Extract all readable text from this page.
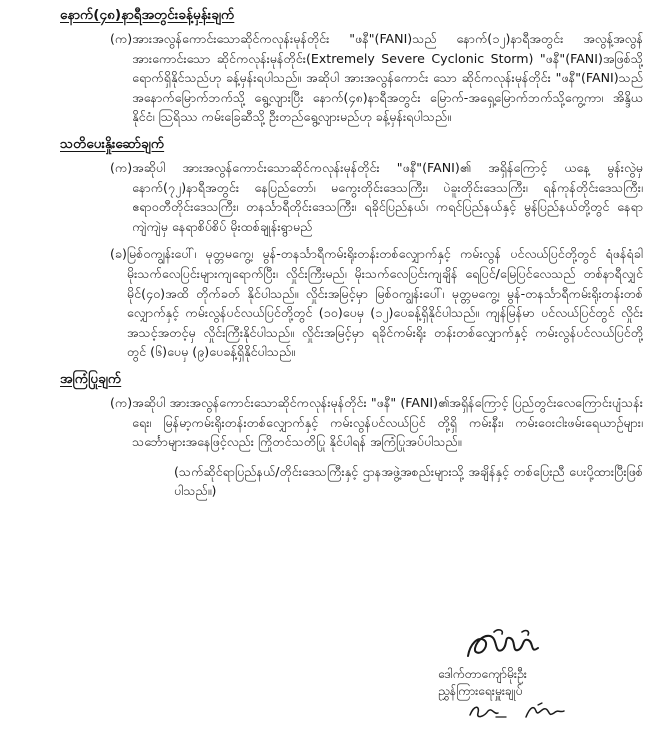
နောက်(၄၈)နာရီအတွင်းခန့်မှန်းချက်
(က) အားအလွန်ကောင်းသောဆိုင်ကလုန်းမုန်တိုင်း "ဖနီ"(FANI)သည် နောက်(၁၂)နာရီအတွင်း အလွန့်အလွန်အားကောင်းသော ဆိုင်ကလုန်းမုန်တိုင်း(Extremely Severe Cyclonic Storm) "ဖနီ"(FANI)အဖြစ်သို့ရောက်ရှိနိုင်သည်ဟု ခန့်မှန်းရပါသည်။ အဆိုပါ အားအလွန်ကောင်း သော ဆိုင်ကလုန်းမုန်တိုင်း "ဖနီ"(FANI)သည် အနောက်မြောက်ဘက်သို့ ရွေ့လျားပြီး နောက်(၄၈)နာရီအတွင်း မြောက်-အရှေ့မြောက်ဘက်သို့ကွေ့ကာ၊ အိန္ဒိယနိုင်ငံ၊ ဩရိဿ ကမ်းခြေဆီသို့ ဦးတည်ရွေ့လျားမည်ဟု ခန့်မှန်းရပါသည်။
သတိပေးနှိုးဆော်ချက်
(က) အဆိုပါ အားအလွန်ကောင်းသောဆိုင်ကလုန်းမုန်တိုင်း "ဖနီ"(FANI)၏ အရှိန်ကြောင့် ယနေ့ မွန်းလွဲမှ နောက်(၇၂)နာရီအတွင်း နေပြည်တော်၊ မကွေးတိုင်းဒေသကြီး၊ ပဲခူးတိုင်းဒေသကြီး၊ ရန်ကုန်တိုင်းဒေသကြီး၊ ဧရာဝတီတိုင်းဒေသကြီး၊ တနင်္သာရီတိုင်းဒေသကြီး၊ ရခိုင်ပြည်နယ်၊ ကရင်ပြည်နယ်နှင့် မွန်ပြည်နယ်တို့တွင် နေရာကျဲကျဲမှ နေရာစိပ်စိပ် မိုးထစ်ချုန်းရွာမည်
(ခ) မြစ်ဝကျွန်းပေါ်၊ မုတ္တမကွေ့၊ မွန်-တနင်္သာရီကမ်းရိုးတန်းတစ်လျှောက်နှင့် ကမ်းလွန် ပင်လယ်ပြင်တို့တွင် ရံဖန်ရံခါ မိုးသက်လေပြင်းများကျရောက်ပြီး၊ လှိုင်းကြီးမည်၊ မိုးသက်လေပြင်းကျချိန် ရေပြင်/မြေပြင်လေသည် တစ်နာရီလျှင် မိုင်(၄၀)အထိ တိုက်ခတ် နိုင်ပါသည်။ လှိုင်းအမြင့်မှာ မြစ်ဝကျွန်းပေါ်၊ မုတ္တမကွေ့၊ မွန်-တနင်္သာရီကမ်းရိုးတန်းတစ် လျှောက်နှင့် ကမ်းလွန်ပင်လယ်ပြင်တို့တွင် (၁၀)ပေမှ (၁၂)ပေခန့်ရှိနိုင်ပါသည်။ ကျန်မြန်မာ ပင်လယ်ပြင်တွင် လှိုင်းအသင့်အတင့်မှ လှိုင်းကြီးနိုင်ပါသည်။ လှိုင်းအမြင့်မှာ ရခိုင်ကမ်းရိုး တန်းတစ်လျှောက်နှင့် ကမ်းလွန်ပင်လယ်ပြင်တို့တွင် (၆)ပေမှ (၉)ပေခန့်ရှိနိုင်ပါသည်။
အကြံပြုချက်
(က) အဆိုပါ အားအလွန်ကောင်းသောဆိုင်ကလုန်းမုန်တိုင်း "ဖနီ" (FANI)၏အရှိန်ကြောင့် ပြည်တွင်းလေကြောင်းပျံသန်းရေး၊ မြန်မာ့ကမ်းရိုးတန်းတစ်လျှောက်နှင့် ကမ်းလွန်ပင်လယ်ပြင် တို့ရှိ ကမ်းနီး၊ ကမ်းဝေးငါးဖမ်းရေယာဉ်များ၊ သင်္ဘောများအနေဖြင့်လည်း ကြိုတင်သတိပြု နိုင်ပါရန် အကြံပြုအပ်ပါသည်။
(သက်ဆိုင်ရာပြည်နယ်/တိုင်းဒေသကြီးနှင့် ဌာနအဖွဲ့အစည်းများသို့ အချိန်နှင့် တစ်ပြေးညီ ပေးပို့ထားပြီးဖြစ်ပါသည်။)
ဒေါက်တာကျော်မိုးဦး
ညွှန်ကြားရေးမှူးချုပ်
